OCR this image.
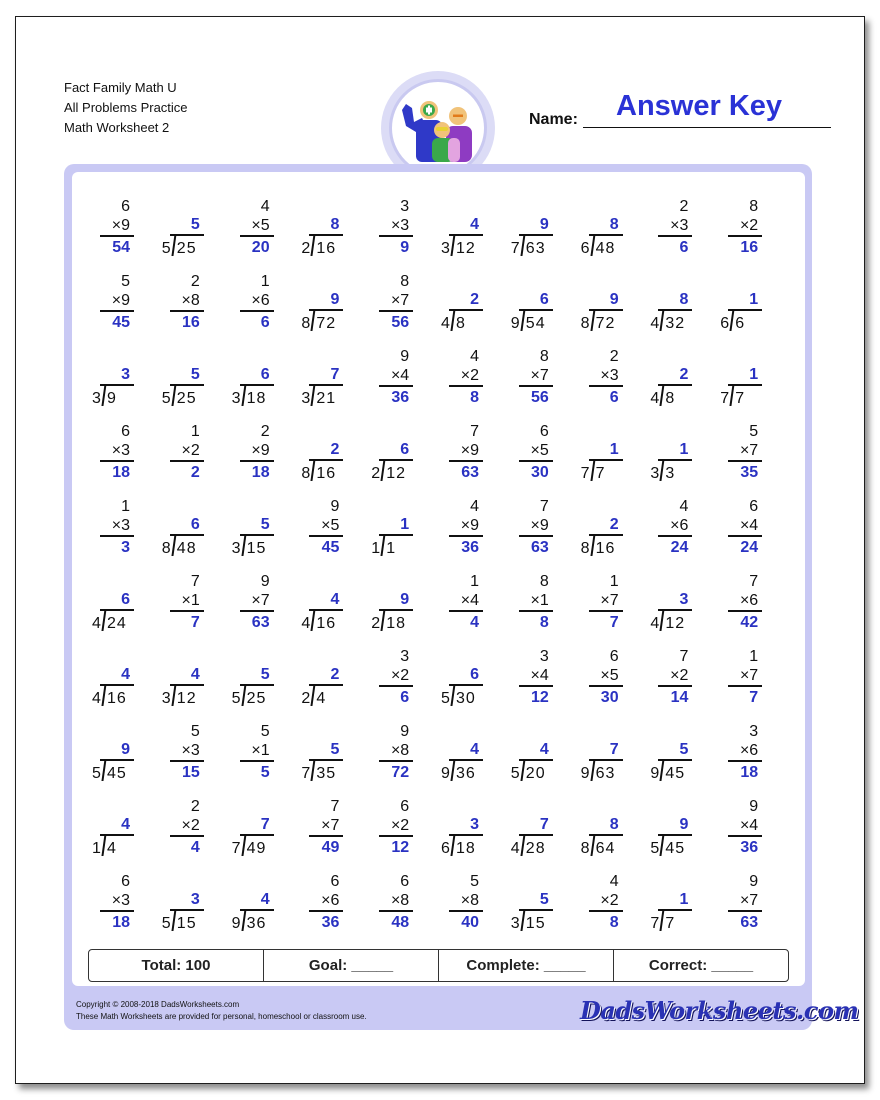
Fact Family Math U
All Problems Practice
Math Worksheet 2	Name: Answer Key
6
×9
54
5
5 25
4
×5
20
8
2 16
3
×3
9
4
3 12
9
7 63
8
6 48
2
×3
6
8
×2
16
5
×9
45
2
×8
16
1
×6
6
9
8 72
8
×7
56
2
4 8
6
9 54
9
8 72
8
4 32
1
6 6
3
3 9
5
5 25
6
3 18
7
3 21
9
×4
36
4
×2
8
8
×7
56
2
×3
6
2
4 8
1
7 7
6
×3
18
1
×2
2
2
×9
18
2
8 16
6
2 12
7
×9
63
6
×5
30
1
7 7
1
3 3
5
×7
35
1
×3
3
6
8 48
5
3 15
9
×5
45
1
1 1
4
×9
36
7
×9
63
2
8 16
4
×6
24
6
×4
24
6
4 24
7
×1
7
9
×7
63
4
4 16
9
2 18
1
×4
4
8
×1
8
1
×7
7
3
4 12
7
×6
42
4
4 16
4
3 12
5
5 25
2
2 4
3
×2
6
6
5 30
3
×4
12
6
×5
30
7
×2
14
1
×7
7
9
5 45
5
×3
15
5
×1
5
5
7 35
9
×8
72
4
9 36
4
5 20
7
9 63
5
9 45
3
×6
18
4
1 4
2
×2
4
7
7 49
7
×7
49
6
×2
12
3
6 18
7
4 28
8
8 64
9
5 45
9
×4
36
6
×3
18
3
5 15
4
9 36
6
×6
36
6
×8
48
5
×8
40
5
3 15
4
×2
8
1
7 7
9
×7
63
Total: 100	Goal: _____	Complete: _____	Correct: _____
Copyright © 2008-2018 DadsWorksheets.com
These Math Worksheets are provided for personal, homeschool or classroom use.	DadsWorksheets.com
